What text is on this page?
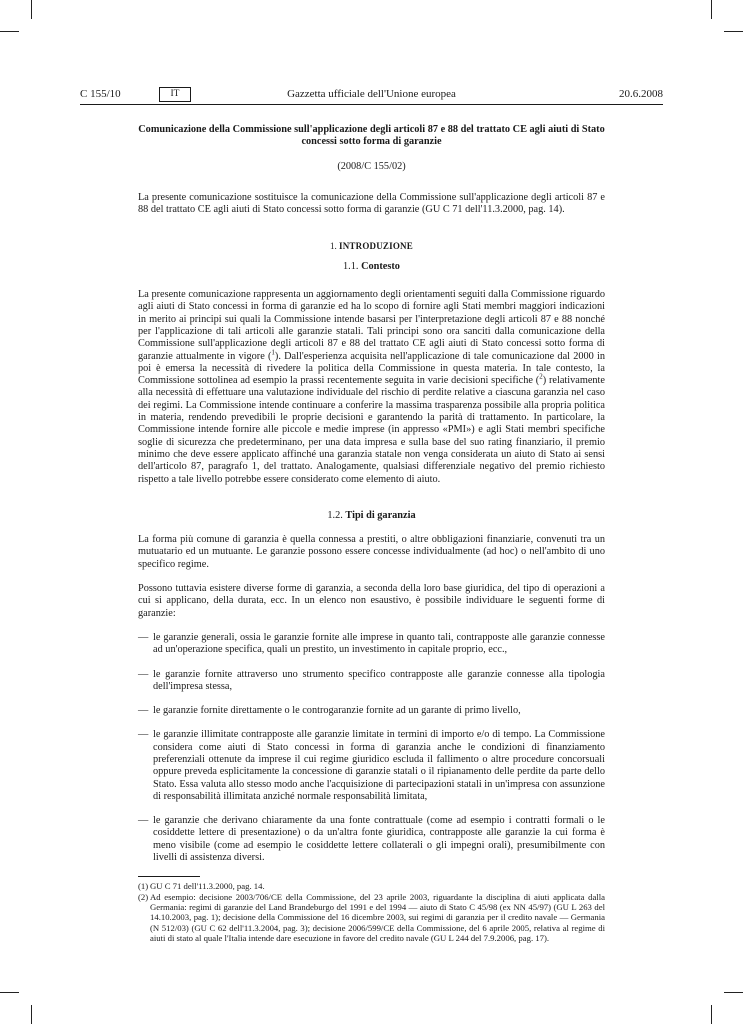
C 155/10	IT	Gazzetta ufficiale dell'Unione europea	20.6.2008

Comunicazione della Commissione sull'applicazione degli articoli 87 e 88 del trattato CE agli aiuti di Stato concessi sotto forma di garanzie

(2008/C 155/02)

La presente comunicazione sostituisce la comunicazione della Commissione sull'applicazione degli articoli 87 e 88 del trattato CE agli aiuti di Stato concessi sotto forma di garanzie (GU C 71 dell'11.3.2000, pag. 14).

1. INTRODUZIONE
1.1. Contesto

La presente comunicazione rappresenta un aggiornamento degli orientamenti seguiti dalla Commissione riguardo agli aiuti di Stato concessi in forma di garanzie ed ha lo scopo di fornire agli Stati membri maggiori indicazioni in merito ai principi sui quali la Commissione intende basarsi per l'interpretazione degli articoli 87 e 88 nonché per l'applicazione di tali articoli alle garanzie statali. Tali principi sono ora sanciti dalla comunicazione della Commissione sull'applicazione degli articoli 87 e 88 del trattato CE agli aiuti di Stato concessi sotto forma di garanzie attualmente in vigore ($^1$). Dall'esperienza acquisita nell'applicazione di tale comunicazione dal 2000 in poi è emersa la necessità di rivedere la politica della Commissione in questa materia. In tale contesto, la Commissione sottolinea ad esempio la prassi recentemente seguita in varie decisioni specifiche ($^2$) relativamente alla necessità di effettuare una valutazione individuale del rischio di perdite relative a ciascuna garanzia nel caso dei regimi. La Commissione intende continuare a conferire la massima trasparenza possibile alla propria politica in materia, rendendo prevedibili le proprie decisioni e garantendo la parità di trattamento. In particolare, la Commissione intende fornire alle piccole e medie imprese (in appresso «PMI») e agli Stati membri specifiche soglie di sicurezza che predeterminano, per una data impresa e sulla base del suo rating finanziario, il premio minimo che deve essere applicato affinché una garanzia statale non venga considerata un aiuto di Stato ai sensi dell'articolo 87, paragrafo 1, del trattato. Analogamente, qualsiasi differenziale negativo del premio richiesto rispetto a tale livello potrebbe essere considerato come elemento di aiuto.

1.2. Tipi di garanzia

La forma più comune di garanzia è quella connessa a prestiti, o altre obbligazioni finanziarie, convenuti tra un mutuatario ed un mutuante. Le garanzie possono essere concesse individualmente (ad hoc) o nell'ambito di uno specifico regime.

Possono tuttavia esistere diverse forme di garanzia, a seconda della loro base giuridica, del tipo di operazioni a cui si applicano, della durata, ecc. In un elenco non esaustivo, è possibile individuare le seguenti forme di garanzie:

— le garanzie generali, ossia le garanzie fornite alle imprese in quanto tali, contrapposte alle garanzie connesse ad un'operazione specifica, quali un prestito, un investimento in capitale proprio, ecc.,
— le garanzie fornite attraverso uno strumento specifico contrapposte alle garanzie connesse alla tipologia dell'impresa stessa,
— le garanzie fornite direttamente o le controgaranzie fornite ad un garante di primo livello,
— le garanzie illimitate contrapposte alle garanzie limitate in termini di importo e/o di tempo. La Commissione considera come aiuti di Stato concessi in forma di garanzia anche le condizioni di finanziamento preferenziali ottenute da imprese il cui regime giuridico escluda il fallimento o altre procedure concorsuali oppure preveda esplicitamente la concessione di garanzie statali o il ripianamento delle perdite da parte dello Stato. Essa valuta allo stesso modo anche l'acquisizione di partecipazioni statali in un'impresa con assunzione di responsabilità illimitata anziché normale responsabilità limitata,
— le garanzie che derivano chiaramente da una fonte contrattuale (come ad esempio i contratti formali o le cosiddette lettere di presentazione) o da un'altra fonte giuridica, contrapposte alle garanzie la cui forma è meno visibile (come ad esempio le cosiddette lettere collaterali o gli impegni orali), presumibilmente con livelli di assistenza diversi.
(1) GU C 71 dell'11.3.2000, pag. 14.
(2) Ad esempio: decisione 2003/706/CE della Commissione, del 23 aprile 2003, riguardante la disciplina di aiuti applicata dalla Germania: regimi di garanzie del Land Brandeburgo del 1991 e del 1994 — aiuto di Stato C 45/98 (ex NN 45/97) (GU L 263 del 14.10.2003, pag. 1); decisione della Commissione del 16 dicembre 2003, sui regimi di garanzia per il credito navale — Germania (N 512/03) (GU C 62 dell'11.3.2004, pag. 3); decisione 2006/599/CE della Commissione, del 6 aprile 2005, relativa al regime di aiuti di stato al quale l'Italia intende dare esecuzione in favore del credito navale (GU L 244 del 7.9.2006, pag. 17).
